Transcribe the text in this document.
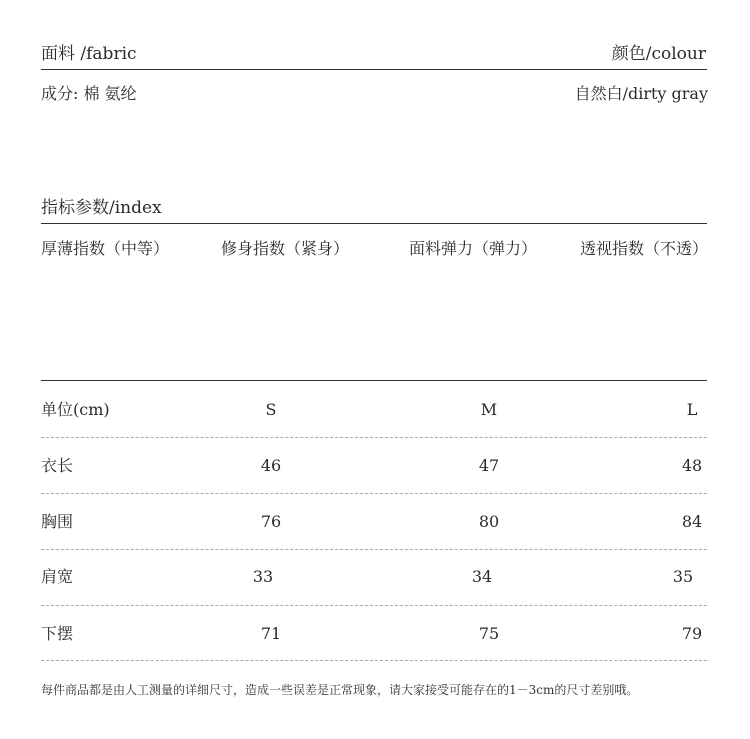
面料 /fabric	颜色/colour
成分: 棉 氨纶	自然白/dirty gray
指标参数/index
厚薄指数（中等）	修身指数（紧身）	面料弹力（弹力）	透视指数（不透）
单位(cm)	S	M	L
衣长	46	47	48
胸围	76	80	84
肩宽	33	34	35
下摆	71	75	79
每件商品都是由人工测量的详细尺寸，造成一些误差是正常现象，请大家接受可能存在的1－3cm的尺寸差别哦。
